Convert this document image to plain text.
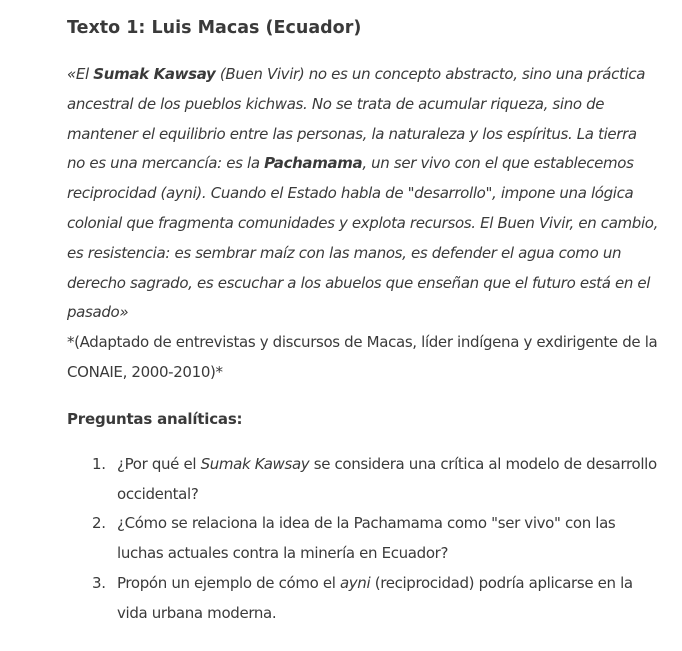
Texto 1: Luis Macas (Ecuador)

«El Sumak Kawsay (Buen Vivir) no es un concepto abstracto, sino una práctica ancestral de los pueblos kichwas. No se trata de acumular riqueza, sino de mantener el equilibrio entre las personas, la naturaleza y los espíritus. La tierra no es una mercancía: es la Pachamama, un ser vivo con el que establecemos reciprocidad (ayni). Cuando el Estado habla de "desarrollo", impone una lógica colonial que fragmenta comunidades y explota recursos. El Buen Vivir, en cambio, es resistencia: es sembrar maíz con las manos, es defender el agua como un derecho sagrado, es escuchar a los abuelos que enseñan que el futuro está en el pasado»

*(Adaptado de entrevistas y discursos de Macas, líder indígena y exdirigente de la CONAIE, 2000-2010)*

Preguntas analíticas:
1. ¿Por qué el Sumak Kawsay se considera una crítica al modelo de desarrollo occidental?
2. ¿Cómo se relaciona la idea de la Pachamama como "ser vivo" con las luchas actuales contra la minería en Ecuador?
3. Propón un ejemplo de cómo el ayni (reciprocidad) podría aplicarse en la vida urbana moderna.
